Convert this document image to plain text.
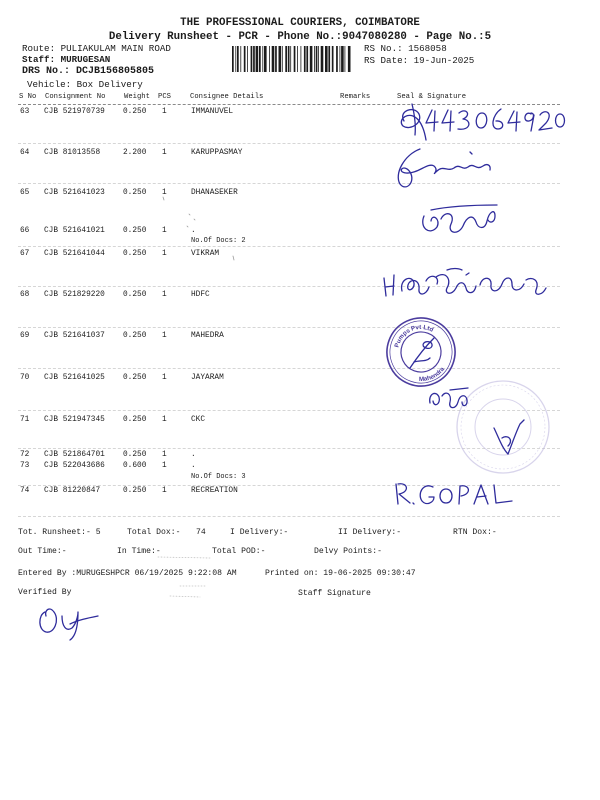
THE PROFESSIONAL COURIERS, COIMBATORE
Delivery Runsheet - PCR - Phone No.:9047080280 - Page No.:5
Route: PULIAKULAM MAIN ROAD
Staff: MURUGESAN
DRS No.: DCJB156805805
Vehicle: Box Delivery
RS No.: 1568058
RS Date: 19-Jun-2025
S No Consignment No	Weight PCS	Consignee Details	Remarks	Seal & Signature
63 CJB 521970739 0.250 1	IMMANUVEL
64 CJB 81013558	2.200 1	KARUPPASMAY
65 CJB 521641023 0.250 1	DHANASEKER
66 CJB 521641021 0.250 1	.
No.Of Docs: 2
67 CJB 521641044 0.250 1	VIKRAM
68 CJB 521829220 0.250 1	HDFC
69 CJB 521641037 0.250 1	MAHEDRA
70 CJB 521641025 0.250 1	JAYARAM
71 CJB 521947345 0.250 1	CKC
72 CJB 521864701 0.250 1	.
73 CJB 522043686 0.600 1	.
No.Of Docs: 3
74 CJB 81220847	0.250 1	RECREATION
Tot. Runsheet:- 5	Total Dox:- 74	I Delivery:-	II Delivery:-	RTN Dox:-
Out Time:-	In Time:-	Total POD:-	Delvy Points:-
Entered By :MURUGESHPCR 06/19/2025 9:22:08 AM	Printed on: 19-06-2025 09:30:47
Verified By	Staff Signature
Pumps Pvt Ltd
Mahendra
